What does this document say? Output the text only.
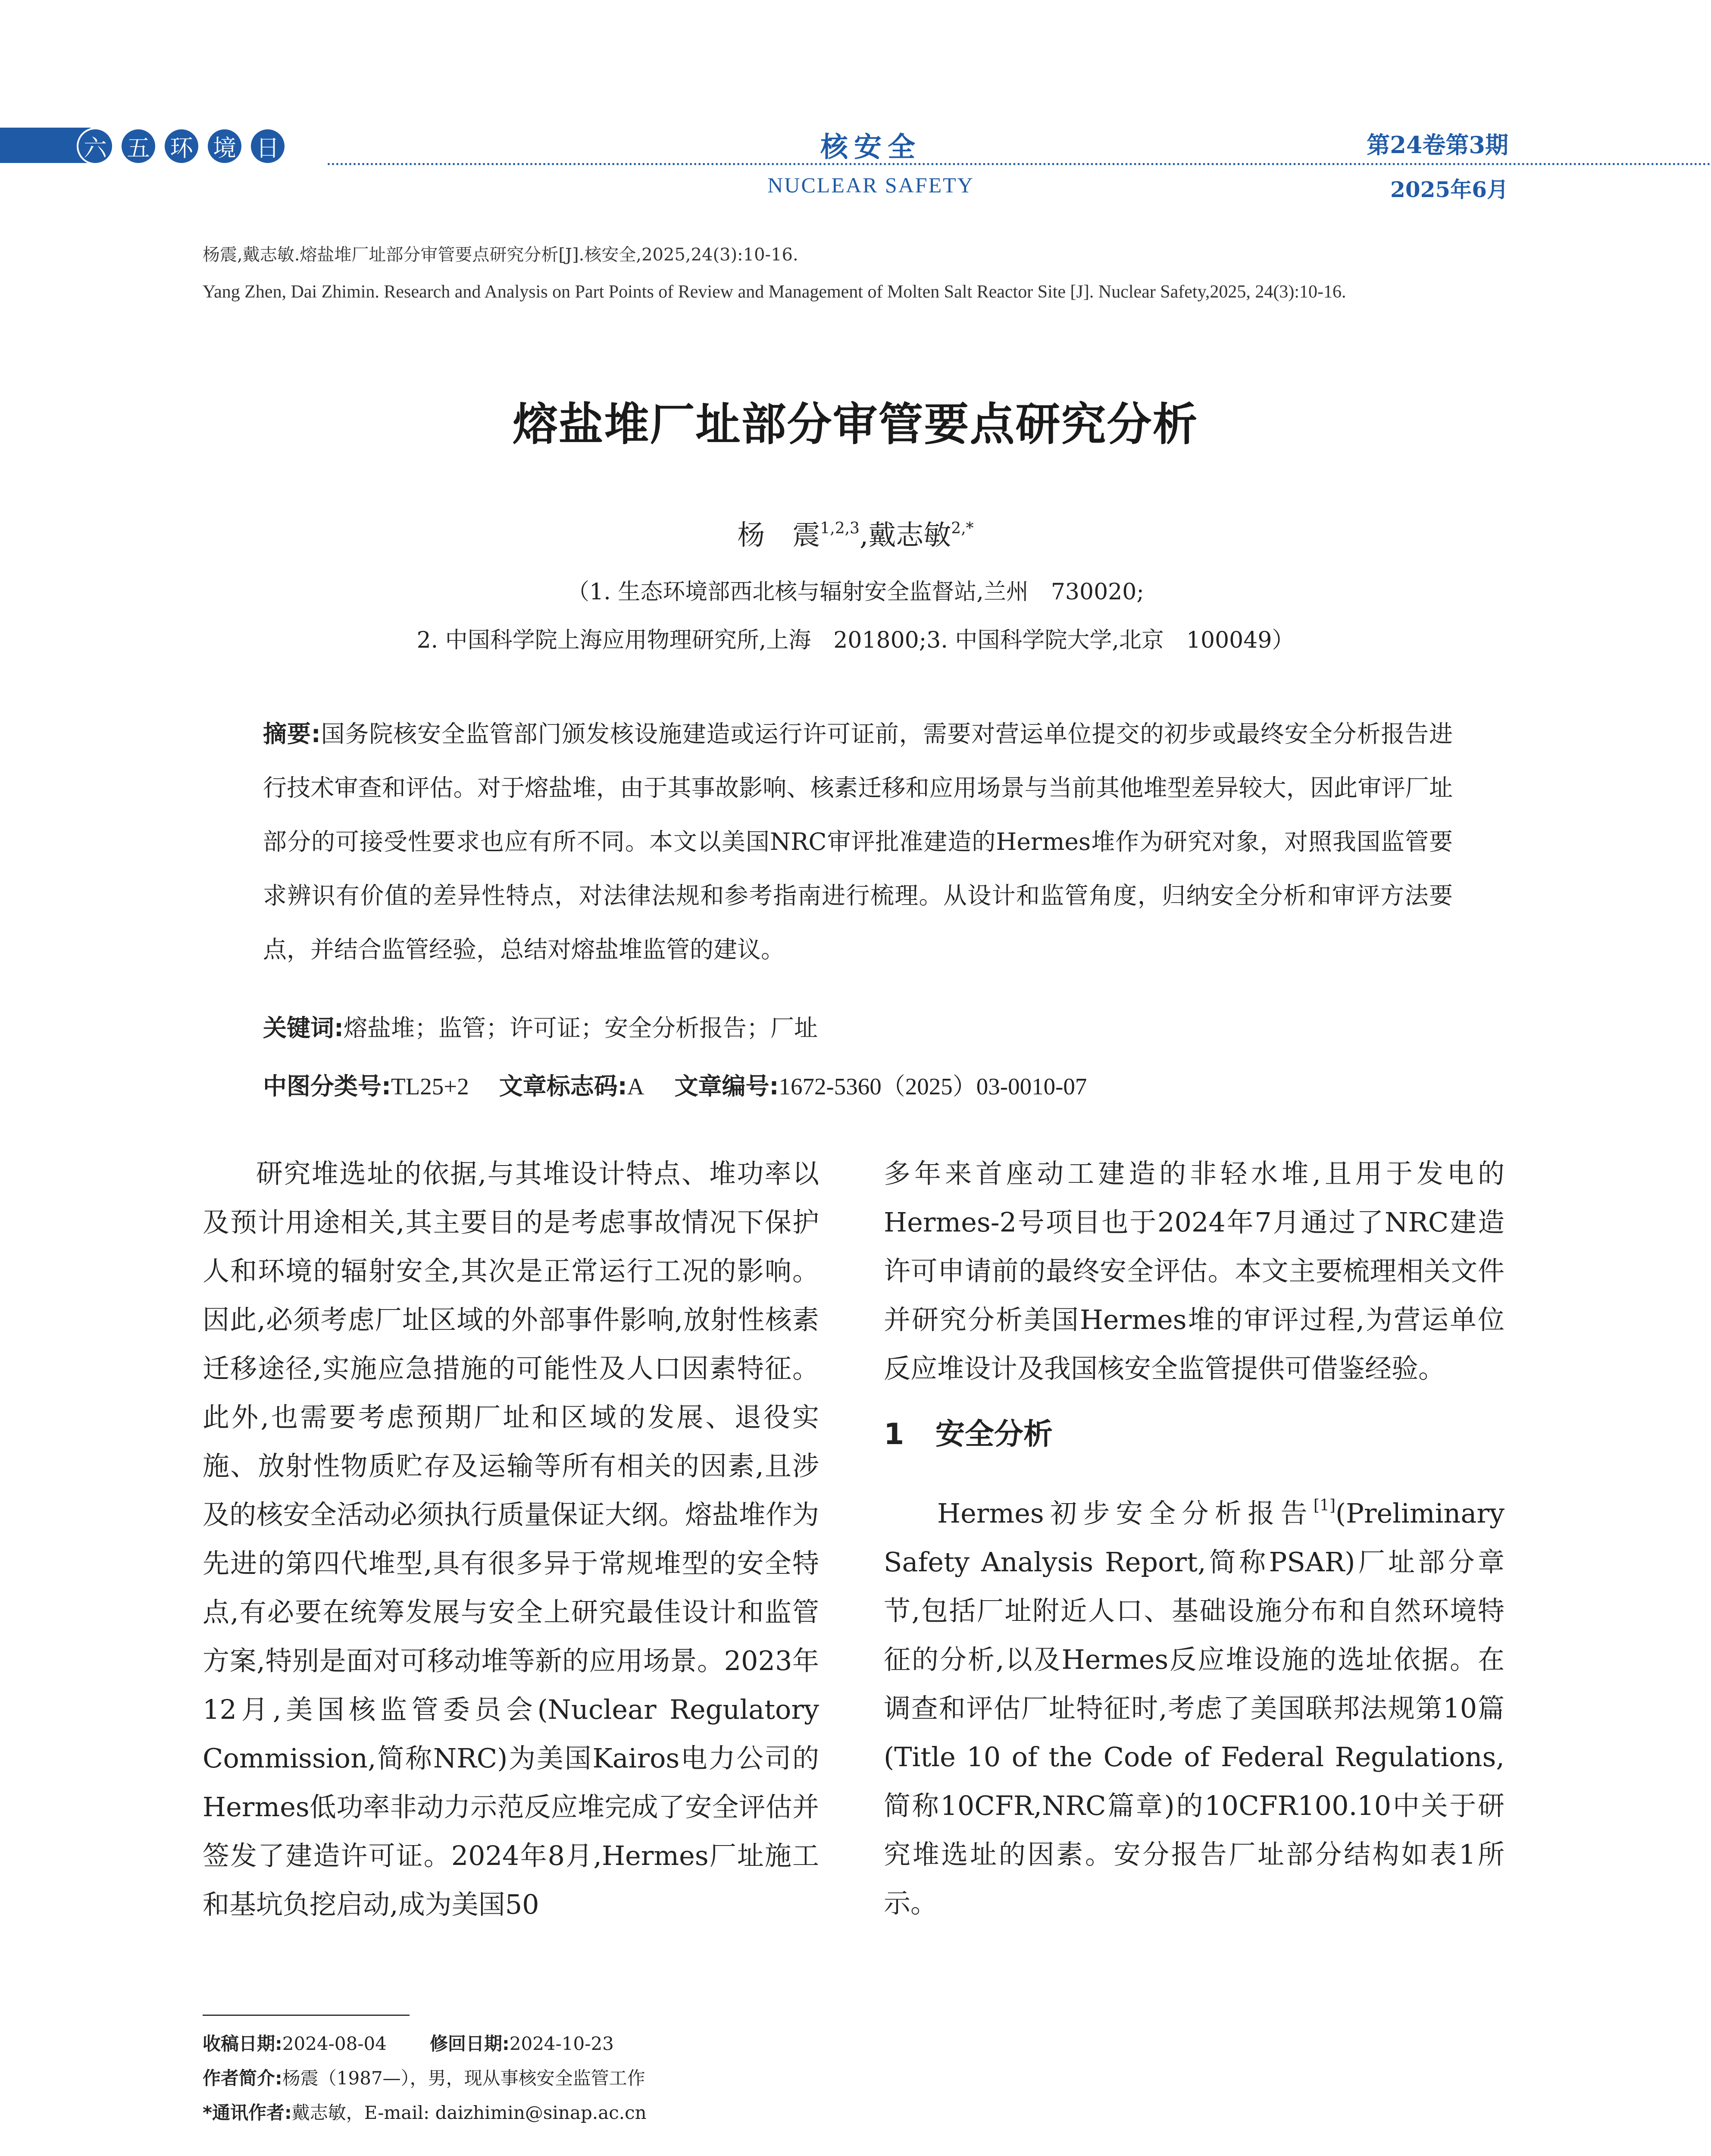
六 五 环 境 日	核安全
NUCLEAR SAFETY
第24卷第3期
2025年6月
杨震,戴志敏.熔盐堆厂址部分审管要点研究分析[J].核安全,2025,24(3):10-16.
Yang Zhen, Dai Zhimin. Research and Analysis on Part Points of Review and Management of Molten Salt Reactor Site [J]. Nuclear Safety,2025, 24(3):10-16.
熔盐堆厂址部分审管要点研究分析
杨　震$^{1,2,3}$,戴志敏$^{2,*}$
（1. 生态环境部西北核与辐射安全监督站,兰州　730020;
2. 中国科学院上海应用物理研究所,上海　201800;3. 中国科学院大学,北京　100049）
摘要:国务院核安全监管部门颁发核设施建造或运行许可证前，需要对营运单位提交的初步或最终安全分析报告进行技术审查和评估。对于熔盐堆，由于其事故影响、核素迁移和应用场景与当前其他堆型差异较大，因此审评厂址部分的可接受性要求也应有所不同。本文以美国NRC审评批准建造的Hermes堆作为研究对象，对照我国监管要求辨识有价值的差异性特点，对法律法规和参考指南进行梳理。从设计和监管角度，归纳安全分析和审评方法要点，并结合监管经验，总结对熔盐堆监管的建议。
关键词:熔盐堆；监管；许可证；安全分析报告；厂址
中图分类号:TL25+2 文章标志码:A 文章编号:1672-5360（2025）03-0010-07

研究堆选址的依据,与其堆设计特点、堆功率以及预计用途相关,其主要目的是考虑事故情况下保护人和环境的辐射安全,其次是正常运行工况的影响。因此,必须考虑厂址区域的外部事件影响,放射性核素迁移途径,实施应急措施的可能性及人口因素特征。此外,也需要考虑预期厂址和区域的发展、退役实施、放射性物质贮存及运输等所有相关的因素,且涉及的核安全活动必须执行质量保证大纲。熔盐堆作为先进的第四代堆型,具有很多异于常规堆型的安全特点,有必要在统筹发展与安全上研究最佳设计和监管方案,特别是面对可移动堆等新的应用场景。2023年12月,美国核监管委员会(Nuclear Regulatory Commission,简称NRC)为美国Kairos电力公司的Hermes低功率非动力示范反应堆完成了安全评估并签发了建造许可证。2024年8月,Hermes厂址施工和基坑负挖启动,成为美国50

多年来首座动工建造的非轻水堆,且用于发电的Hermes-2号项目也于2024年7月通过了NRC建造许可申请前的最终安全评估。本文主要梳理相关文件并研究分析美国Hermes堆的审评过程,为营运单位反应堆设计及我国核安全监管提供可借鉴经验。

1 安全分析

Hermes初步安全分析报告[1](Preliminary Safety Analysis Report,简称PSAR)厂址部分章节,包括厂址附近人口、基础设施分布和自然环境特征的分析,以及Hermes反应堆设施的选址依据。在调查和评估厂址特征时,考虑了美国联邦法规第10篇(Title 10 of the Code of Federal Regulations,简称10CFR,NRC篇章)的10CFR100.10中关于研究堆选址的因素。安分报告厂址部分结构如表1所示。

收稿日期:2024-08-04 修回日期:2024-10-23
作者简介:杨震（1987—），男，现从事核安全监管工作
*通讯作者:戴志敏，E-mail: daizhimin@sinap.ac.cn
